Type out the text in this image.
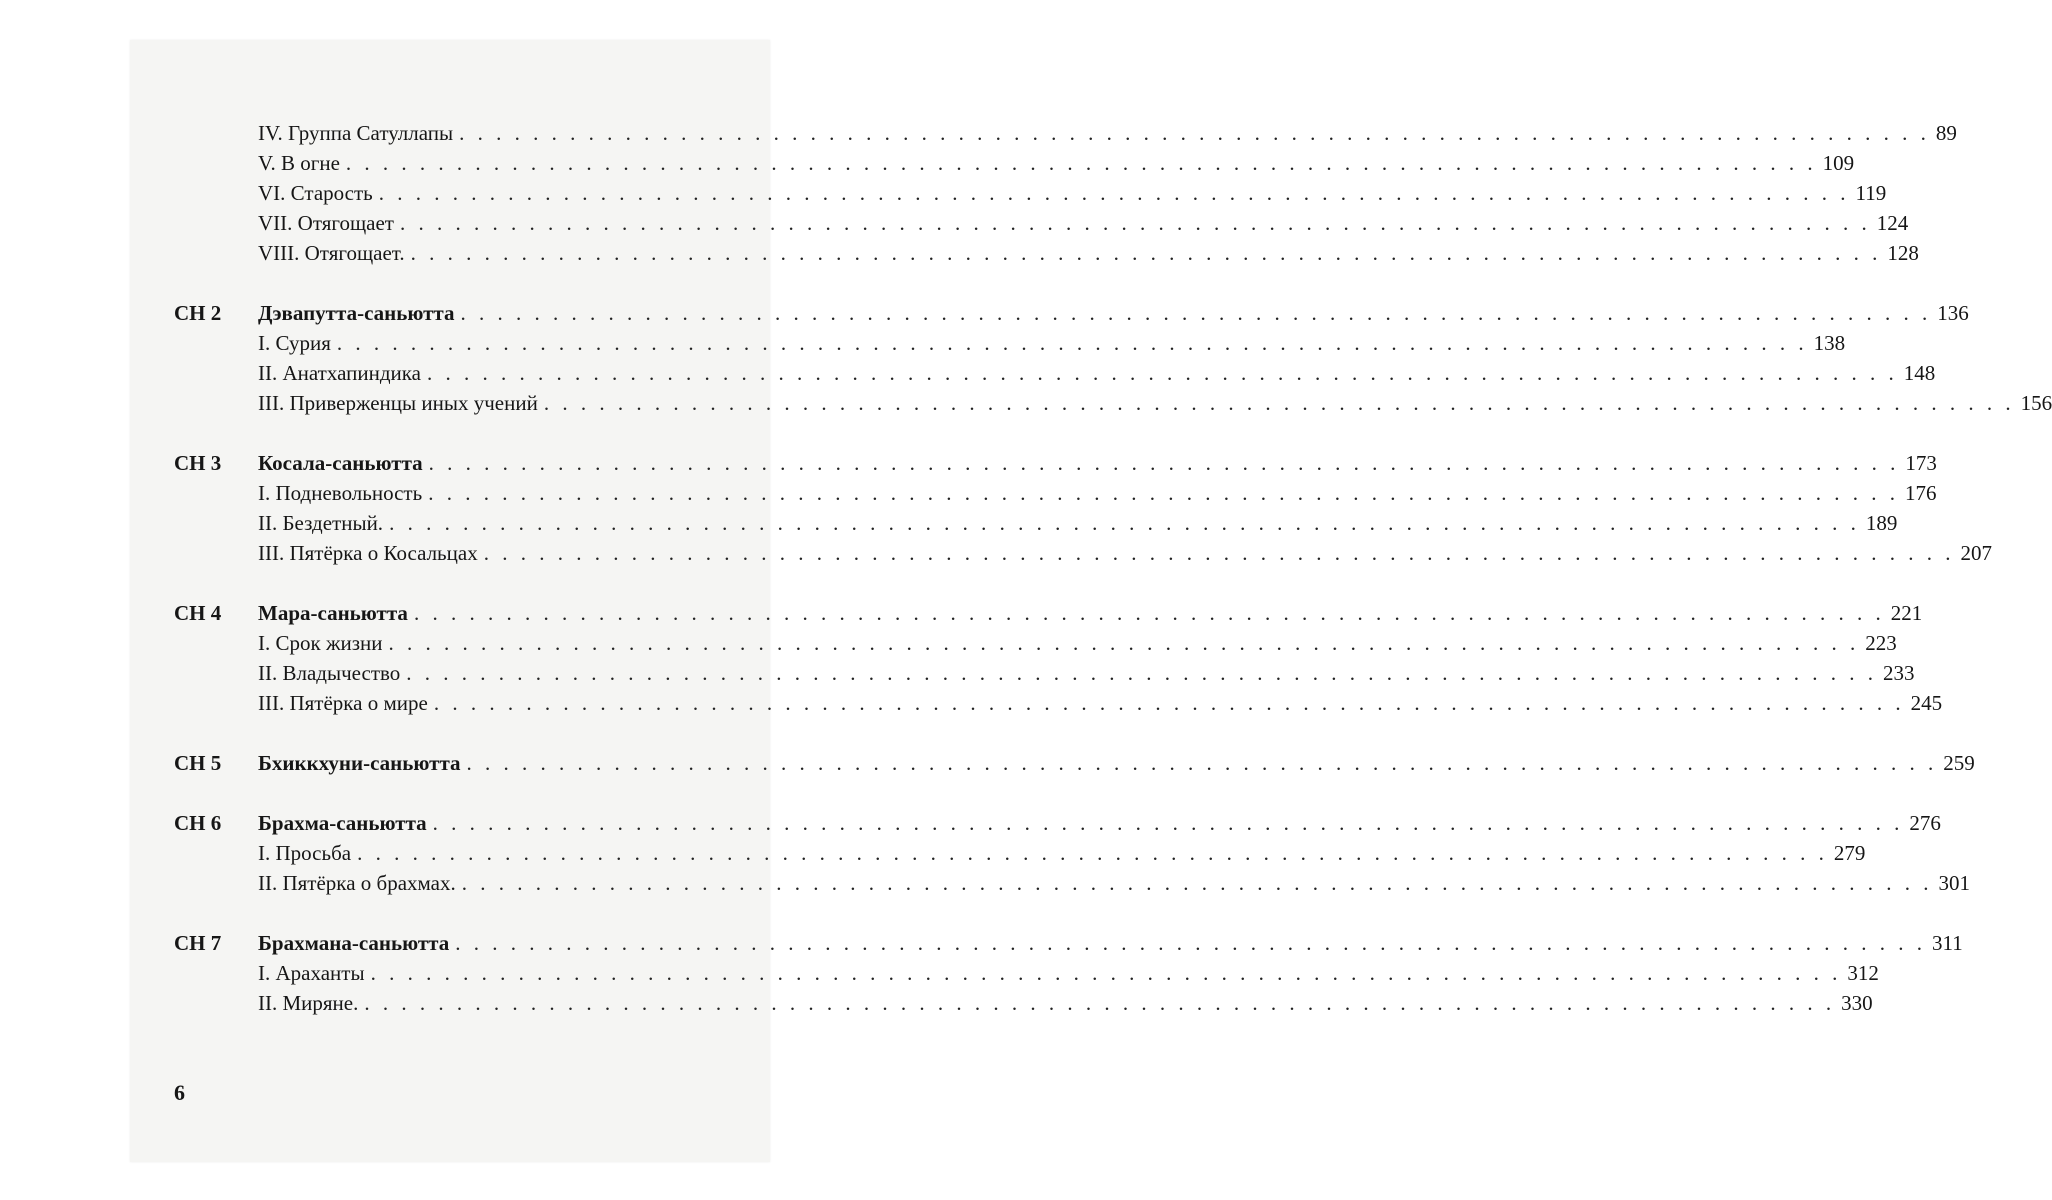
IV. Группа Сатуллапы . . . . . . . . . . . . . . . . . . . . . . . . . . . . . . . . . . . . . . . . . . . . . . . . . . . . . . . . . . . . . . . . . . . . . . . . . . . . . . . . 89
V. В огне . . . . . . . . . . . . . . . . . . . . . . . . . . . . . . . . . . . . . . . . . . . . . . . . . . . . . . . . . . . . . . . . . . . . . . . . . . . . . . . . 109
VI. Старость . . . . . . . . . . . . . . . . . . . . . . . . . . . . . . . . . . . . . . . . . . . . . . . . . . . . . . . . . . . . . . . . . . . . . . . . . . . . . . . . 119
VII. Отягощает . . . . . . . . . . . . . . . . . . . . . . . . . . . . . . . . . . . . . . . . . . . . . . . . . . . . . . . . . . . . . . . . . . . . . . . . . . . . . . . . 124
VIII. Отягощает. . . . . . . . . . . . . . . . . . . . . . . . . . . . . . . . . . . . . . . . . . . . . . . . . . . . . . . . . . . . . . . . . . . . . . . . . . . . . . . . . 128
СН 2 Дэвапутта-саньютта . . . . . . . . . . . . . . . . . . . . . . . . . . . . . . . . . . . . . . . . . . . . . . . . . . . . . . . . . . . . . . . . . . . . . . . . . . . . . . . . 136
I. Сурия . . . . . . . . . . . . . . . . . . . . . . . . . . . . . . . . . . . . . . . . . . . . . . . . . . . . . . . . . . . . . . . . . . . . . . . . . . . . . . . . 138
II. Анатхапиндика . . . . . . . . . . . . . . . . . . . . . . . . . . . . . . . . . . . . . . . . . . . . . . . . . . . . . . . . . . . . . . . . . . . . . . . . . . . . . . . . 148
III. Приверженцы иных учений . . . . . . . . . . . . . . . . . . . . . . . . . . . . . . . . . . . . . . . . . . . . . . . . . . . . . . . . . . . . . . . . . . . . . . . . . . . . . . . . 156
СН 3 Косала-саньютта . . . . . . . . . . . . . . . . . . . . . . . . . . . . . . . . . . . . . . . . . . . . . . . . . . . . . . . . . . . . . . . . . . . . . . . . . . . . . . . . 173
I. Подневольность . . . . . . . . . . . . . . . . . . . . . . . . . . . . . . . . . . . . . . . . . . . . . . . . . . . . . . . . . . . . . . . . . . . . . . . . . . . . . . . . 176
II. Бездетный. . . . . . . . . . . . . . . . . . . . . . . . . . . . . . . . . . . . . . . . . . . . . . . . . . . . . . . . . . . . . . . . . . . . . . . . . . . . . . . . . 189
III. Пятёрка о Косальцах . . . . . . . . . . . . . . . . . . . . . . . . . . . . . . . . . . . . . . . . . . . . . . . . . . . . . . . . . . . . . . . . . . . . . . . . . . . . . . . . 207
СН 4 Мара-саньютта . . . . . . . . . . . . . . . . . . . . . . . . . . . . . . . . . . . . . . . . . . . . . . . . . . . . . . . . . . . . . . . . . . . . . . . . . . . . . . . . 221
I. Срок жизни . . . . . . . . . . . . . . . . . . . . . . . . . . . . . . . . . . . . . . . . . . . . . . . . . . . . . . . . . . . . . . . . . . . . . . . . . . . . . . . . 223
II. Владычество . . . . . . . . . . . . . . . . . . . . . . . . . . . . . . . . . . . . . . . . . . . . . . . . . . . . . . . . . . . . . . . . . . . . . . . . . . . . . . . . 233
III. Пятёрка о мире . . . . . . . . . . . . . . . . . . . . . . . . . . . . . . . . . . . . . . . . . . . . . . . . . . . . . . . . . . . . . . . . . . . . . . . . . . . . . . . . 245
СН 5 Бхиккхуни-саньютта . . . . . . . . . . . . . . . . . . . . . . . . . . . . . . . . . . . . . . . . . . . . . . . . . . . . . . . . . . . . . . . . . . . . . . . . . . . . . . . . 259
СН 6 Брахма-саньютта . . . . . . . . . . . . . . . . . . . . . . . . . . . . . . . . . . . . . . . . . . . . . . . . . . . . . . . . . . . . . . . . . . . . . . . . . . . . . . . . 276
I. Просьба . . . . . . . . . . . . . . . . . . . . . . . . . . . . . . . . . . . . . . . . . . . . . . . . . . . . . . . . . . . . . . . . . . . . . . . . . . . . . . . . 279
II. Пятёрка о брахмах. . . . . . . . . . . . . . . . . . . . . . . . . . . . . . . . . . . . . . . . . . . . . . . . . . . . . . . . . . . . . . . . . . . . . . . . . . . . . . . . . 301
СН 7 Брахмана-саньютта . . . . . . . . . . . . . . . . . . . . . . . . . . . . . . . . . . . . . . . . . . . . . . . . . . . . . . . . . . . . . . . . . . . . . . . . . . . . . . . . 311
I. Араханты . . . . . . . . . . . . . . . . . . . . . . . . . . . . . . . . . . . . . . . . . . . . . . . . . . . . . . . . . . . . . . . . . . . . . . . . . . . . . . . . 312
II. Миряне. . . . . . . . . . . . . . . . . . . . . . . . . . . . . . . . . . . . . . . . . . . . . . . . . . . . . . . . . . . . . . . . . . . . . . . . . . . . . . . . . 330
6
